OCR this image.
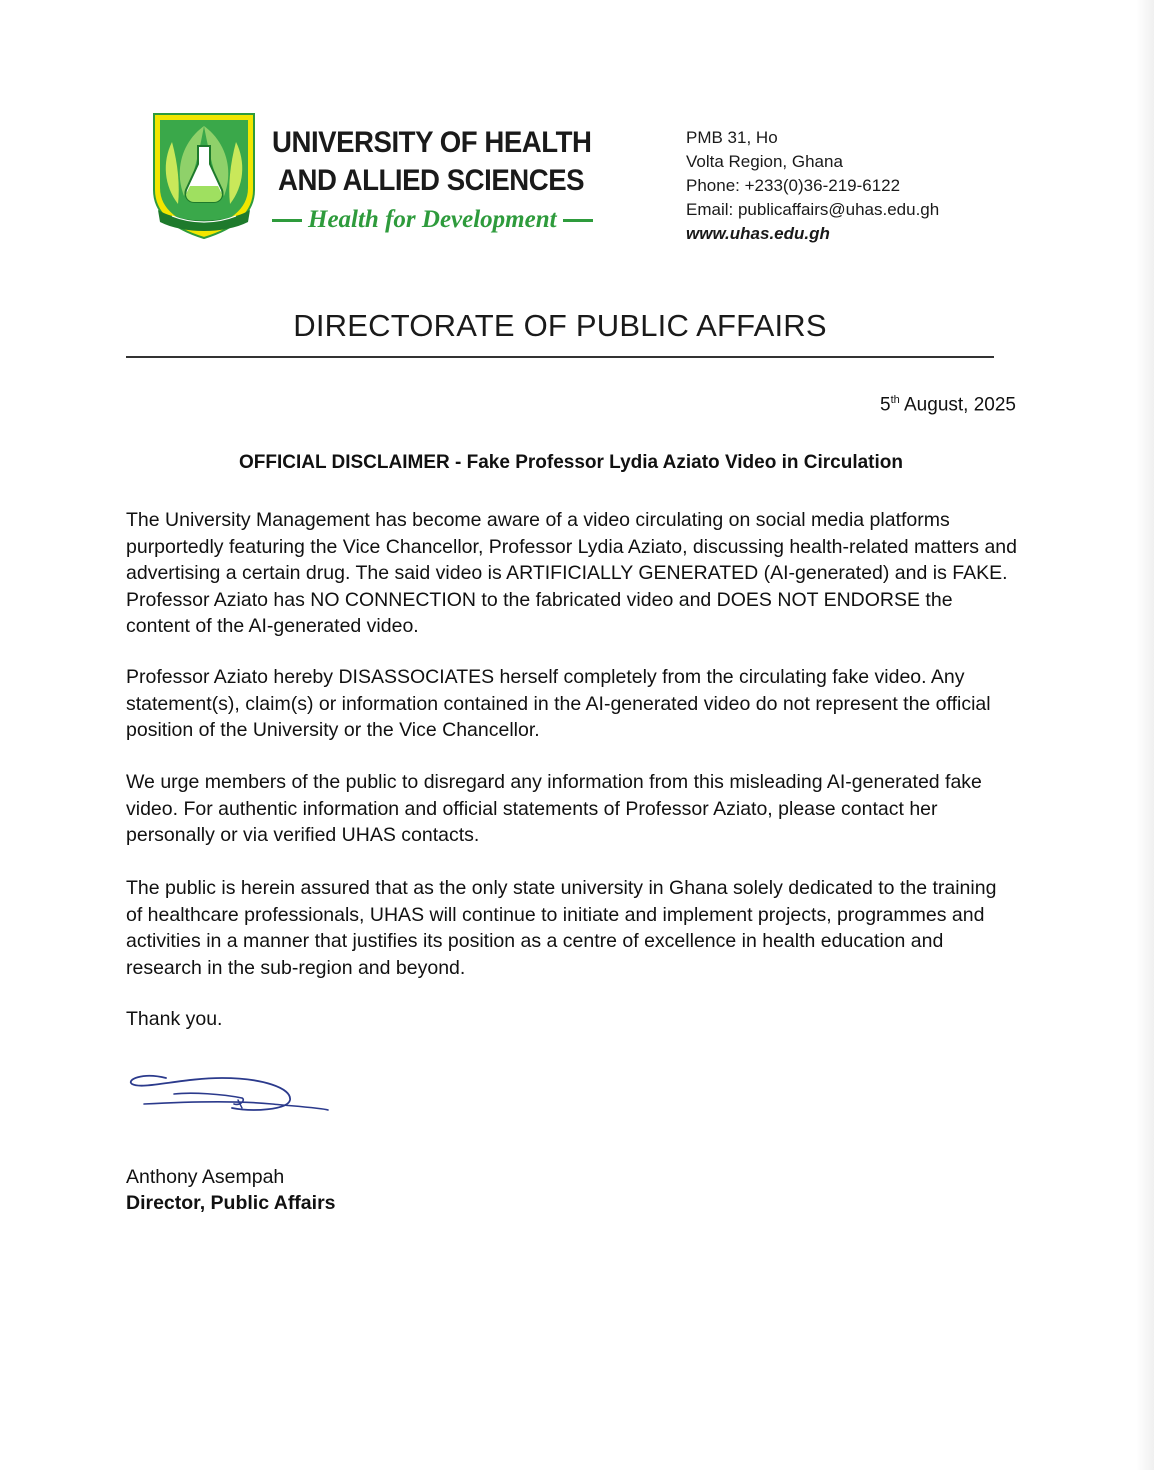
UNIVERSITY OF HEALTH
AND ALLIED SCIENCES
Health for Development
PMB 31, Ho
Volta Region, Ghana
Phone: +233(0)36-219-6122
Email: publicaffairs@uhas.edu.gh
www.uhas.edu.gh
DIRECTORATE OF PUBLIC AFFAIRS
5th August, 2025
OFFICIAL DISCLAIMER - Fake Professor Lydia Aziato Video in Circulation

The University Management has become aware of a video circulating on social media platforms purportedly featuring the Vice Chancellor, Professor Lydia Aziato, discussing health-related matters and advertising a certain drug. The said video is ARTIFICIALLY GENERATED (AI-generated) and is FAKE. Professor Aziato has NO CONNECTION to the fabricated video and DOES NOT ENDORSE the content of the AI-generated video.

Professor Aziato hereby DISASSOCIATES herself completely from the circulating fake video. Any statement(s), claim(s) or information contained in the AI-generated video do not represent the official position of the University or the Vice Chancellor.

We urge members of the public to disregard any information from this misleading AI-generated fake video. For authentic information and official statements of Professor Aziato, please contact her personally or via verified UHAS contacts.

The public is herein assured that as the only state university in Ghana solely dedicated to the training of healthcare professionals, UHAS will continue to initiate and implement projects, programmes and activities in a manner that justifies its position as a centre of excellence in health education and research in the sub-region and beyond.

Thank you.
Anthony Asempah
Director, Public Affairs
